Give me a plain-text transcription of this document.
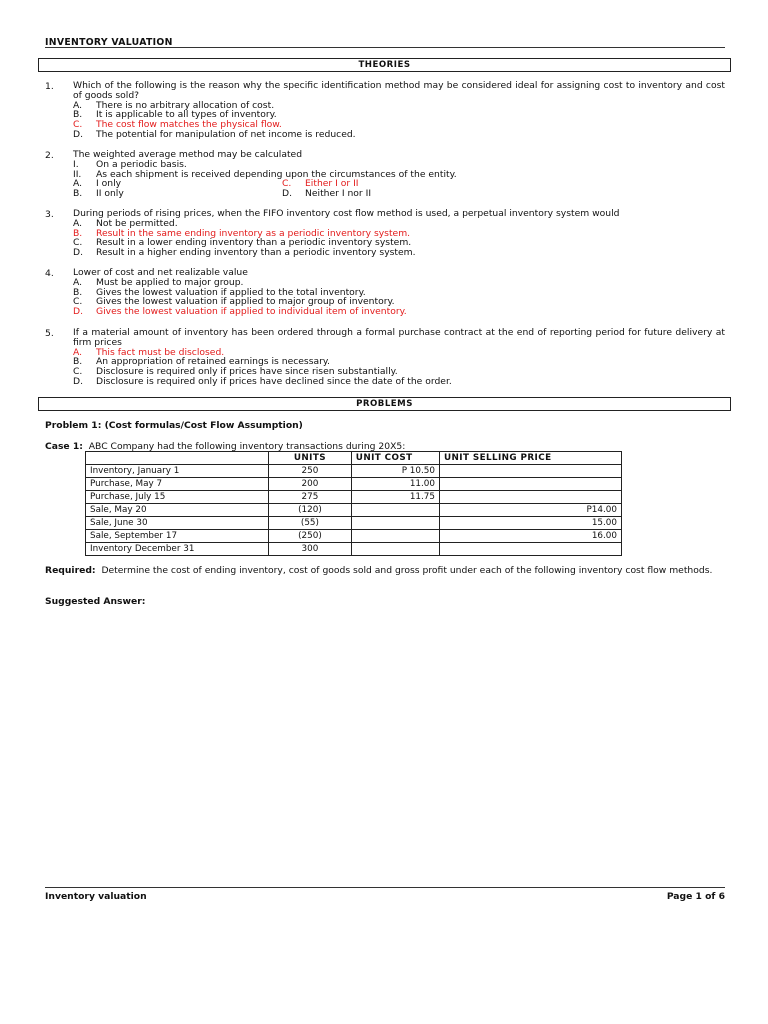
INVENTORY VALUATION
THEORIES
1. Which of the following is the reason why the specific identification method may be considered ideal for assigning cost to inventory and cost of goods sold?
A. There is no arbitrary allocation of cost.
B. It is applicable to all types of inventory.
C. The cost flow matches the physical flow.
D. The potential for manipulation of net income is reduced.
2. The weighted average method may be calculated
I. On a periodic basis.
II. As each shipment is received depending upon the circumstances of the entity.
A. I only	C. Either I or II
B. II only	D. Neither I nor II
3. During periods of rising prices, when the FIFO inventory cost flow method is used, a perpetual inventory system would
A. Not be permitted.
B. Result in the same ending inventory as a periodic inventory system.
C. Result in a lower ending inventory than a periodic inventory system.
D. Result in a higher ending inventory than a periodic inventory system.
4. Lower of cost and net realizable value
A. Must be applied to major group.
B. Gives the lowest valuation if applied to the total inventory.
C. Gives the lowest valuation if applied to major group of inventory.
D. Gives the lowest valuation if applied to individual item of inventory.
5. If a material amount of inventory has been ordered through a formal purchase contract at the end of reporting period for future delivery at firm prices
A. This fact must be disclosed.
B. An appropriation of retained earnings is necessary.
C. Disclosure is required only if prices have since risen substantially.
D. Disclosure is required only if prices have declined since the date of the order.
PROBLEMS
Problem 1: (Cost formulas/Cost Flow Assumption)
Case 1: ABC Company had the following inventory transactions during 20X5:
	UNITS	UNIT COST	UNIT SELLING PRICE
Inventory, January 1	250	P 10.50	
Purchase, May 7	200	11.00	
Purchase, July 15	275	11.75	
Sale, May 20	(120)		P14.00
Sale, June 30	(55)		15.00
Sale, September 17	(250)		16.00
Inventory December 31	300		
Required: Determine the cost of ending inventory, cost of goods sold and gross profit under each of the following inventory cost flow methods.
Suggested Answer:
Inventory valuation	Page 1 of 6
